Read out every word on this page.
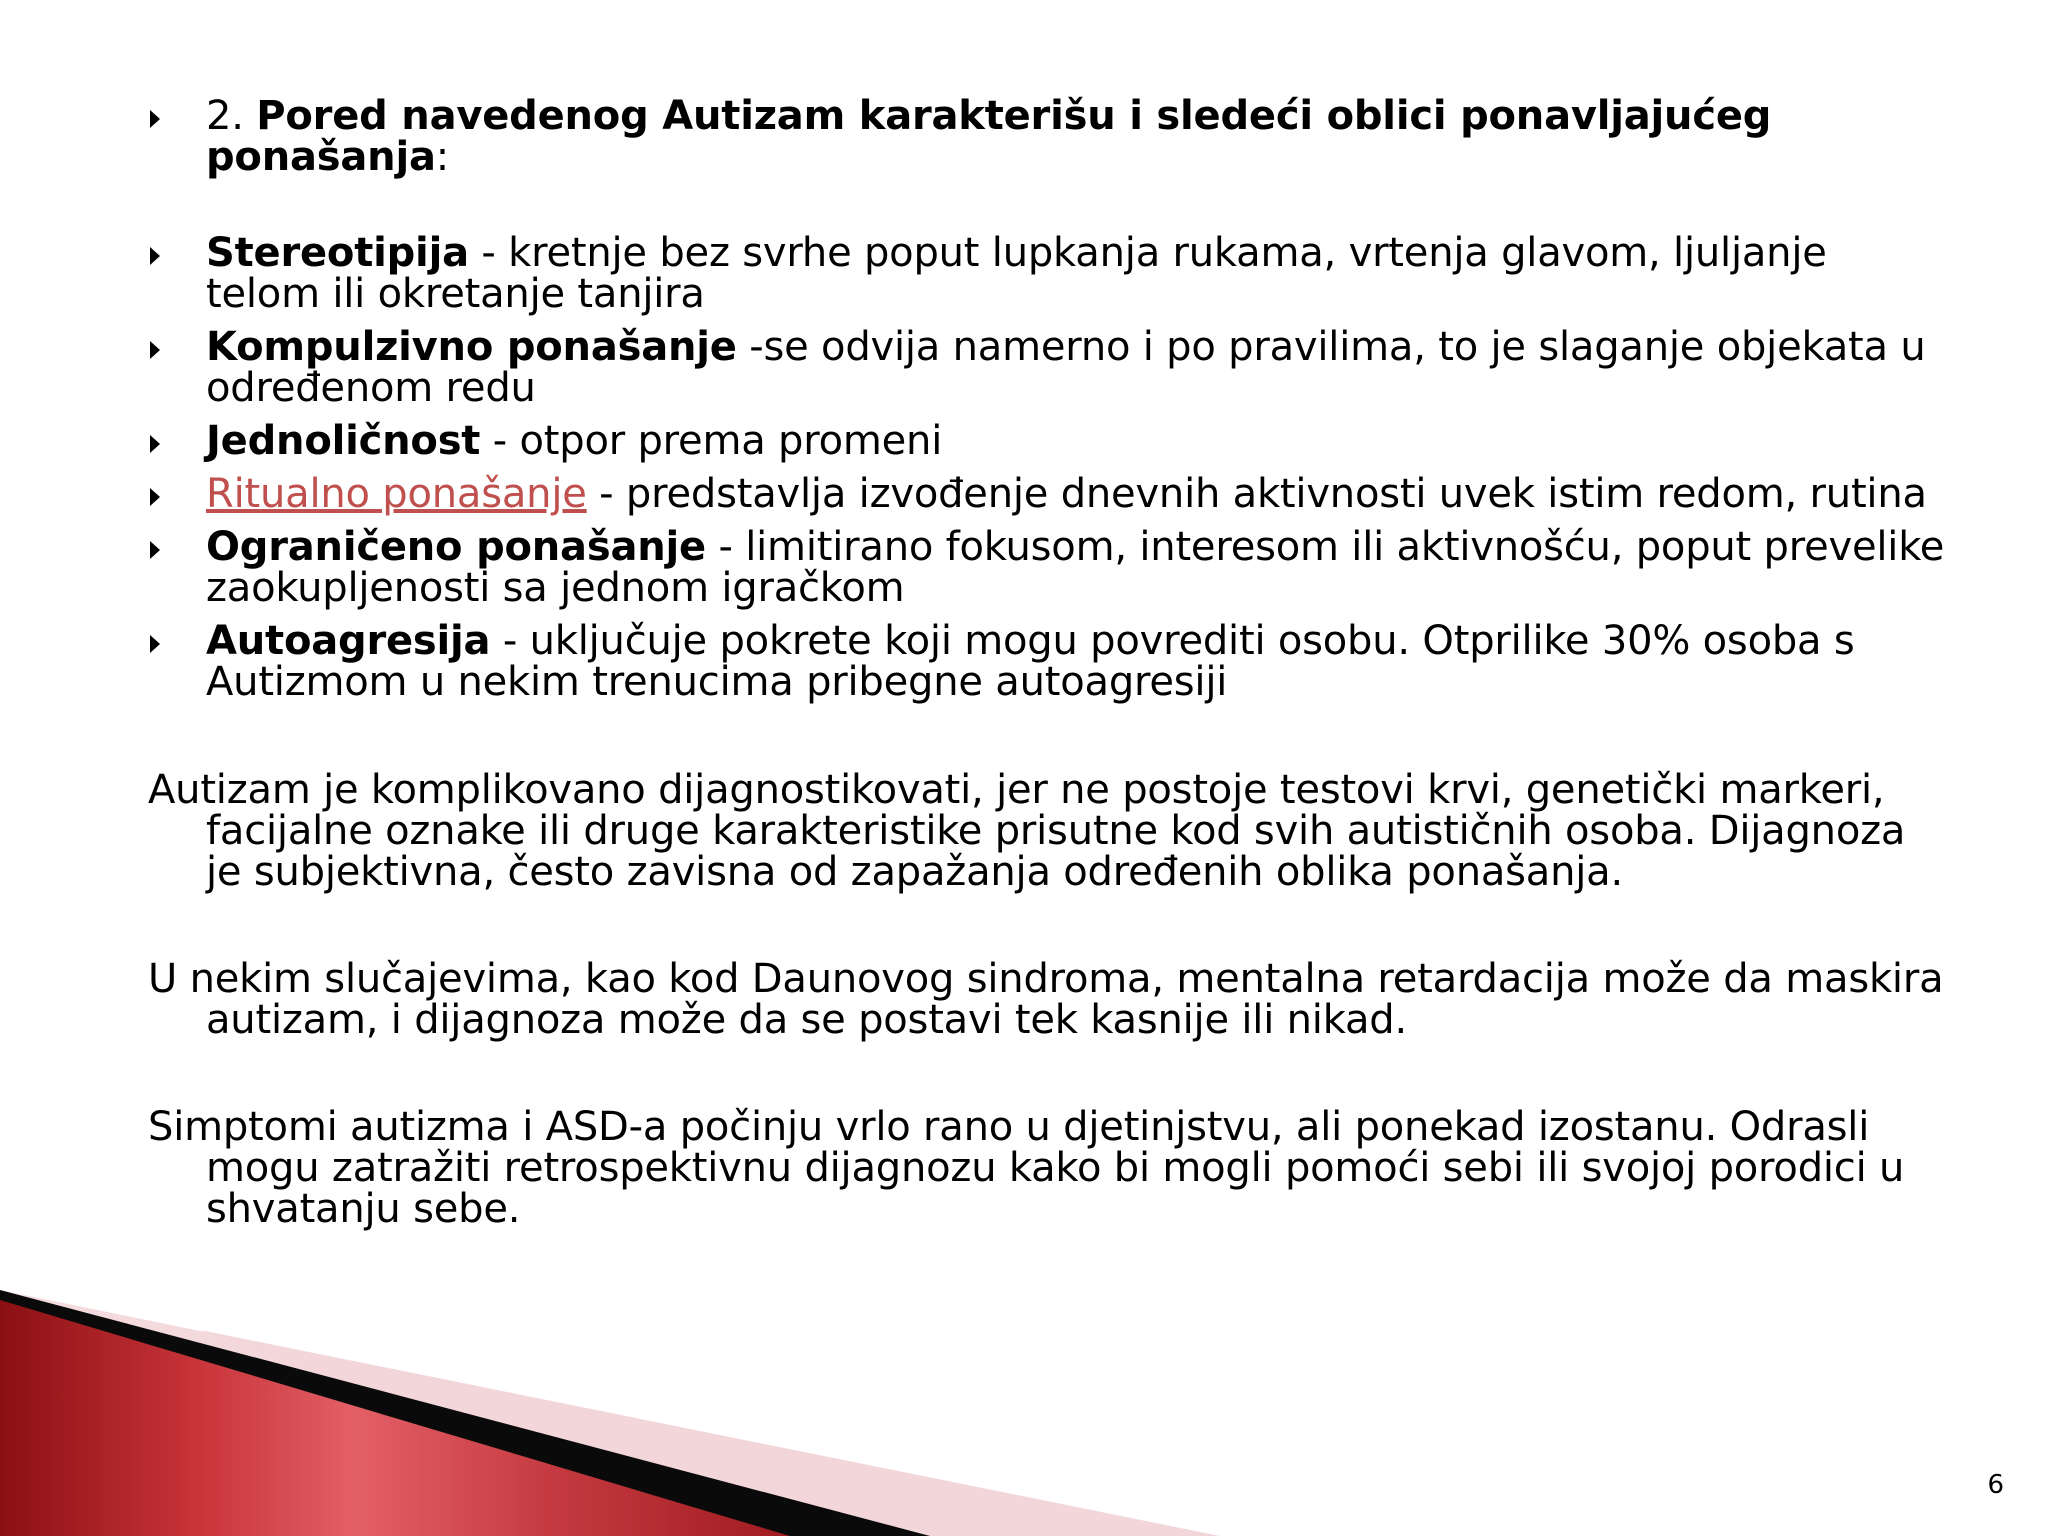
2. Pored navedenog Autizam karakterišu i sledeći oblici ponavljajućeg ponašanja:
Stereotipija - kretnje bez svrhe poput lupkanja rukama, vrtenja glavom, ljuljanje telom ili okretanje tanjira
Kompulzivno ponašanje -se odvija namerno i po pravilima, to je slaganje objekata u određenom redu
Jednoličnost - otpor prema promeni
Ritualno ponašanje - predstavlja izvođenje dnevnih aktivnosti uvek istim redom, rutina
Ograničeno ponašanje - limitirano fokusom, interesom ili aktivnošću, poput prevelike zaokupljenosti sa jednom igračkom
Autoagresija - uključuje pokrete koji mogu povrediti osobu. Otprilike 30% osoba s Autizmom u nekim trenucima pribegne autoagresiji

Autizam je komplikovano dijagnostikovati, jer ne postoje testovi krvi, genetički markeri, facijalne oznake ili druge karakteristike prisutne kod svih autističnih osoba. Dijagnoza je subjektivna, često zavisna od zapažanja određenih oblika ponašanja.

U nekim slučajevima, kao kod Daunovog sindroma, mentalna retardacija može da maskira autizam, i dijagnoza može da se postavi tek kasnije ili nikad.

Simptomi autizma i ASD-a počinju vrlo rano u djetinjstvu, ali ponekad izostanu. Odrasli mogu zatražiti retrospektivnu dijagnozu kako bi mogli pomoći sebi ili svojoj porodici u shvatanju sebe.

6
